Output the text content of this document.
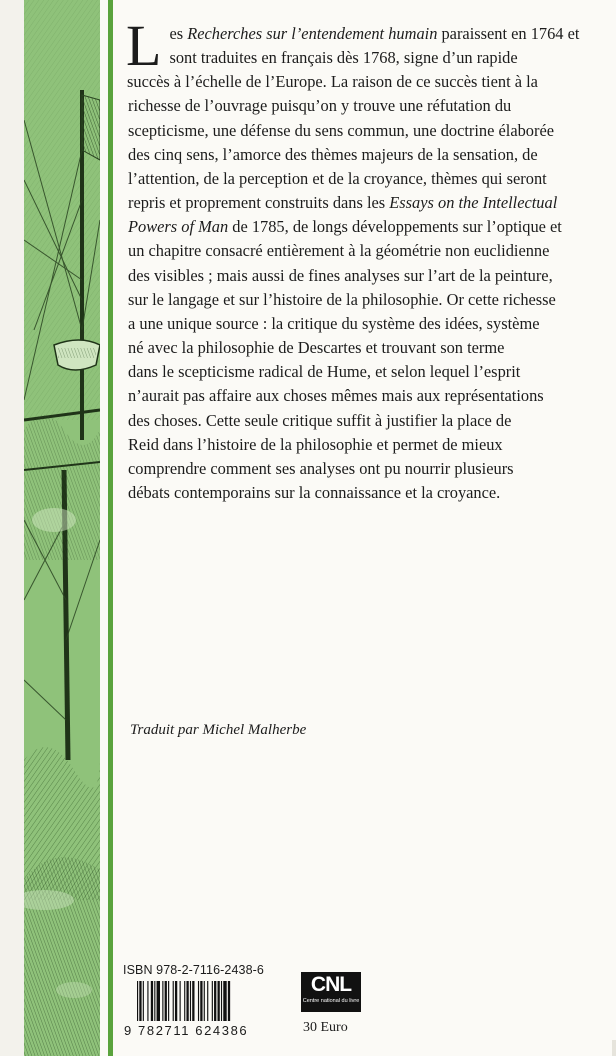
L es Recherches sur l’entendement humain paraissent en 1764 et
sont traduites en français dès 1768, signe d’un rapide
succès à l’échelle de l’Europe. La raison de ce succès tient à la
richesse de l’ouvrage puisqu’on y trouve une réfutation du
scepticisme, une défense du sens commun, une doctrine élaborée
des cinq sens, l’amorce des thèmes majeurs de la sensation, de
l’attention, de la perception et de la croyance, thèmes qui seront
repris et proprement construits dans les Essays on the Intellectual
Powers of Man de 1785, de longs développements sur l’optique et
un chapitre consacré entièrement à la géométrie non euclidienne
des visibles ; mais aussi de fines analyses sur l’art de la peinture,
sur le langage et sur l’histoire de la philosophie. Or cette richesse
a une unique source : la critique du système des idées, système
né avec la philosophie de Descartes et trouvant son terme
dans le scepticisme radical de Hume, et selon lequel l’esprit
n’aurait pas affaire aux choses mêmes mais aux représentations
des choses. Cette seule critique suffit à justifier la place de
Reid dans l’histoire de la philosophie et permet de mieux
comprendre comment ses analyses ont pu nourrir plusieurs
débats contemporains sur la connaissance et la croyance.
Traduit par Michel Malherbe
ISBN 978-2-7116-2438-6
9 782711 624386
CNL
Centre national du livre
30 Euro
